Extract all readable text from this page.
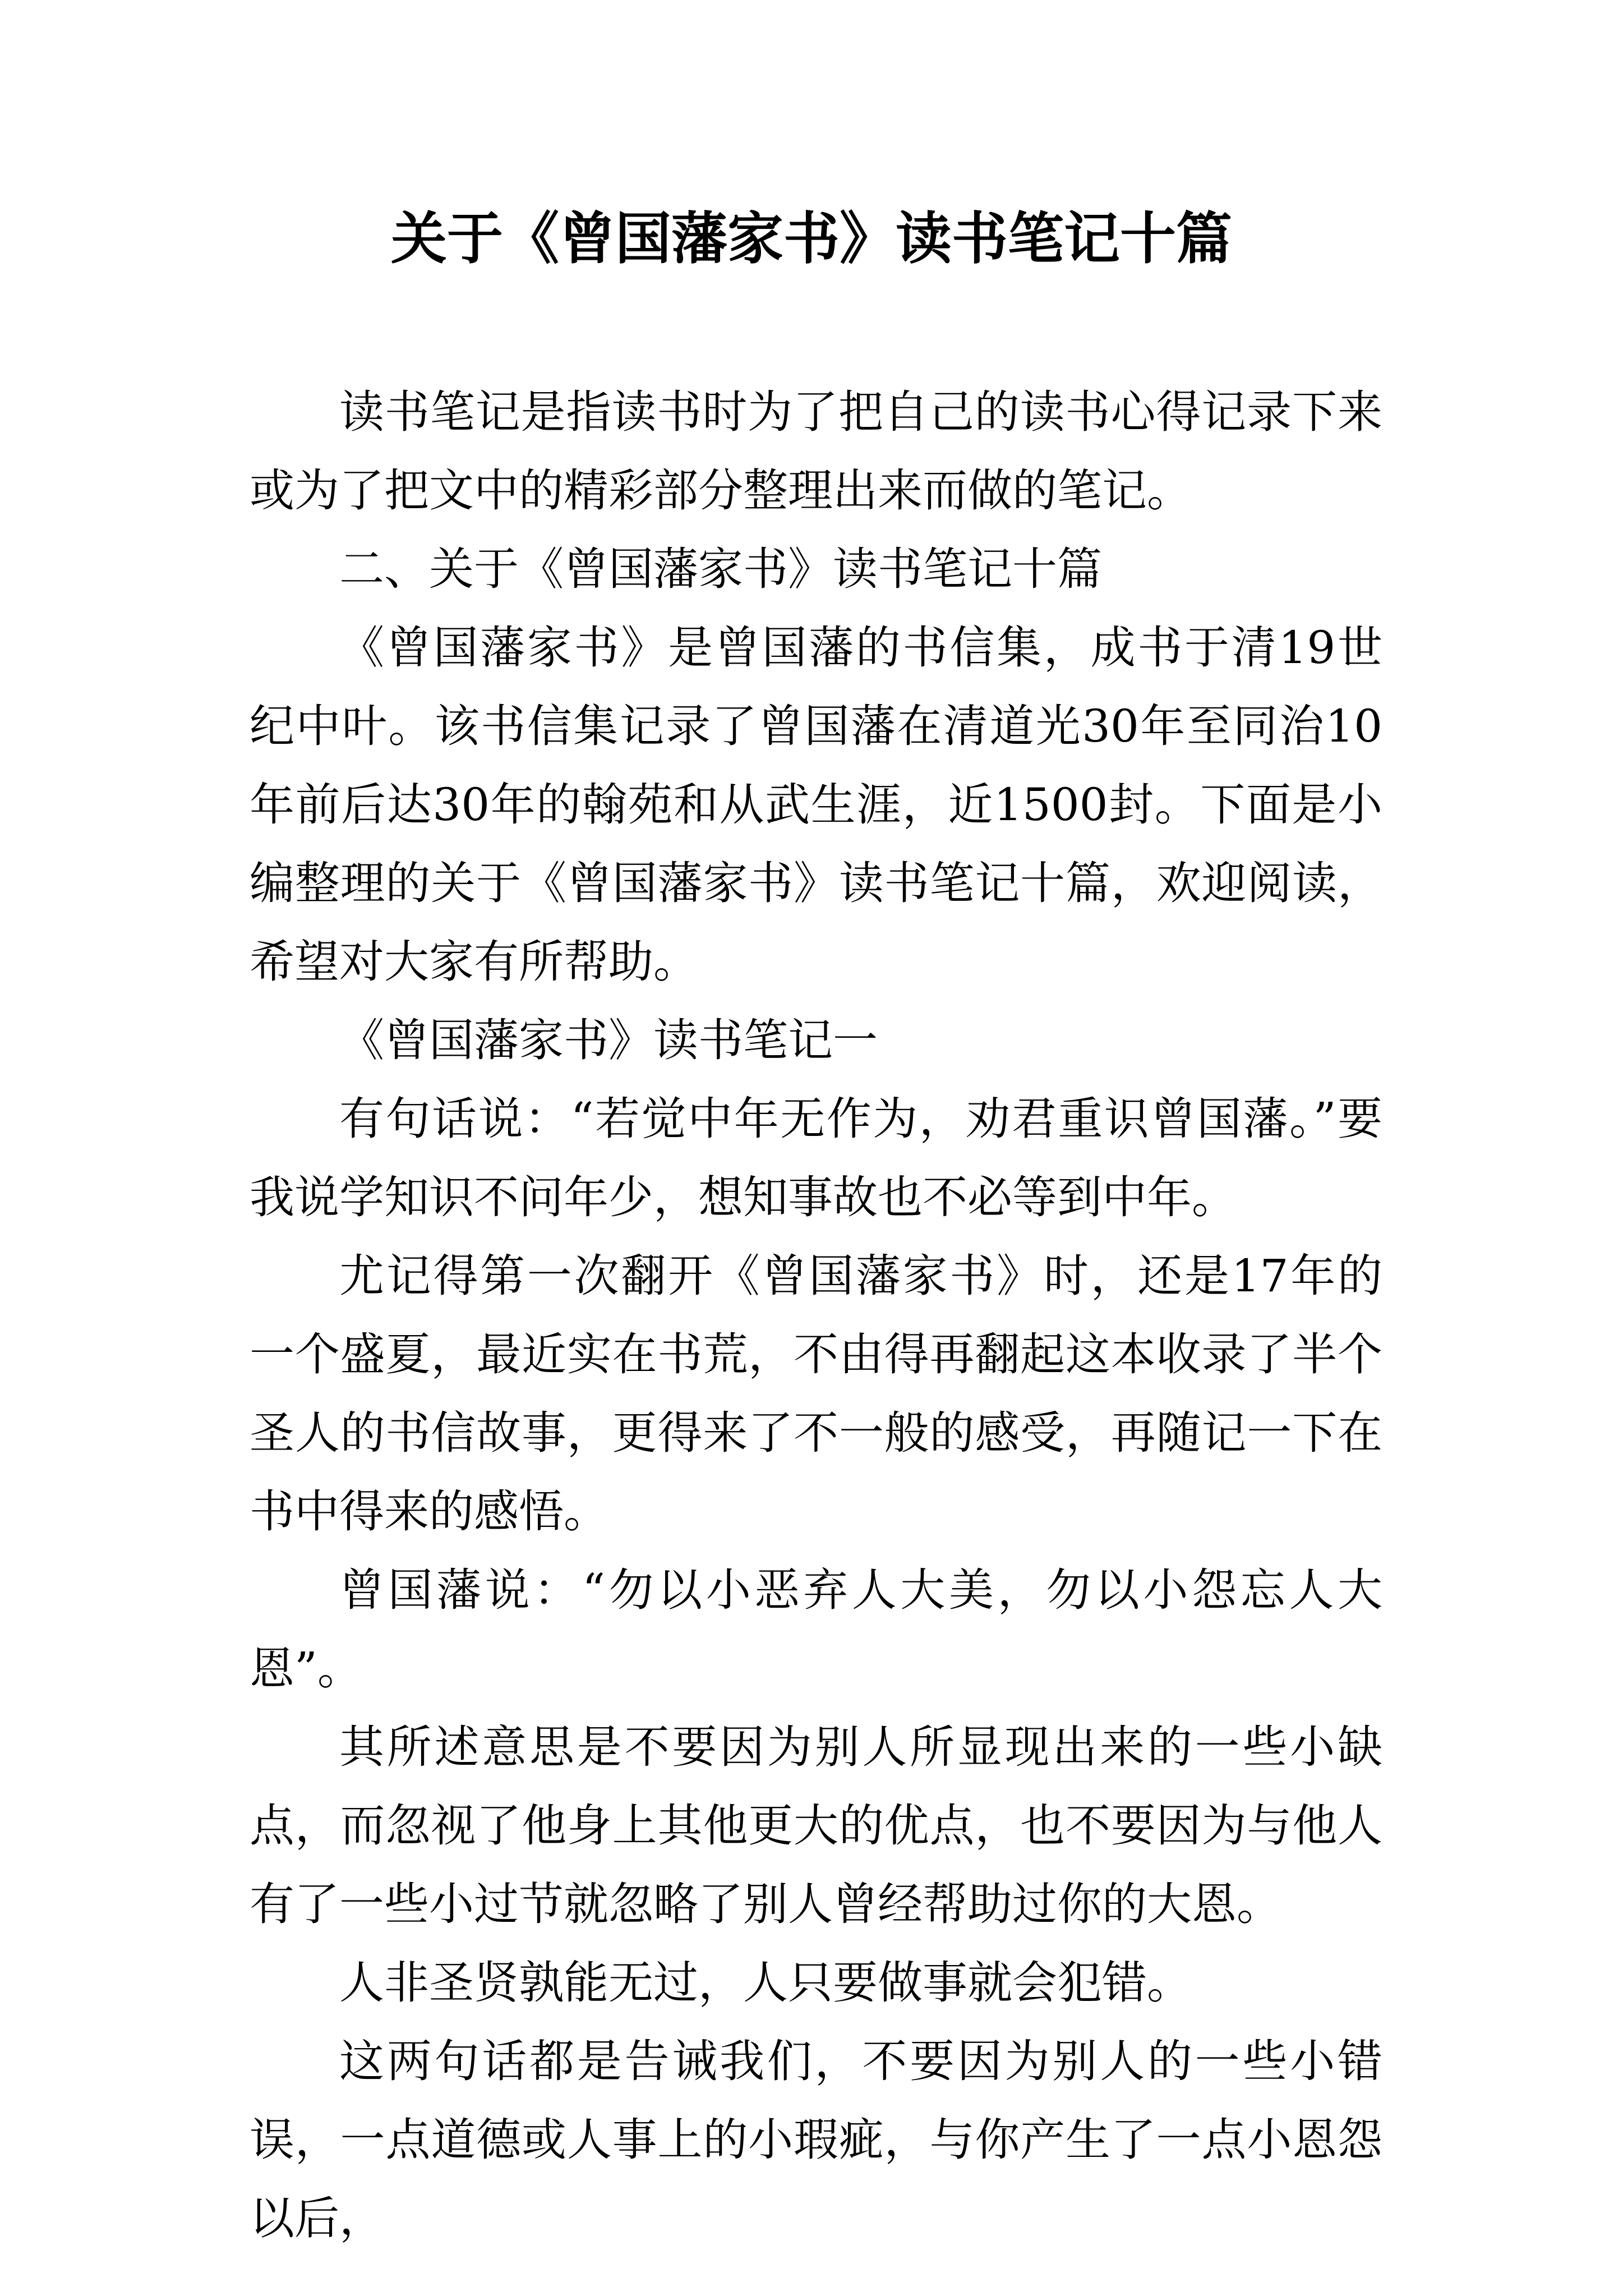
关于《曾国藩家书》读书笔记十篇

读书笔记是指读书时为了把自己的读书心得记录下来或为了把文中的精彩部分整理出来而做的笔记。

二、关于《曾国藩家书》读书笔记十篇

《曾国藩家书》是曾国藩的书信集，成书于清19世纪中叶。该书信集记录了曾国藩在清道光30年至同治10年前后达30年的翰苑和从武生涯，近1500封。下面是小编整理的关于《曾国藩家书》读书笔记十篇，欢迎阅读，希望对大家有所帮助。

《曾国藩家书》读书笔记一

有句话说：“若觉中年无作为，劝君重识曾国藩。”要我说学知识不问年少，想知事故也不必等到中年。

尤记得第一次翻开《曾国藩家书》时，还是17年的一个盛夏，最近实在书荒，不由得再翻起这本收录了半个圣人的书信故事，更得来了不一般的感受，再随记一下在书中得来的感悟。

曾国藩说：“勿以小恶弃人大美，勿以小怨忘人大恩”。

其所述意思是不要因为别人所显现出来的一些小缺点，而忽视了他身上其他更大的优点，也不要因为与他人有了一些小过节就忽略了别人曾经帮助过你的大恩。

人非圣贤孰能无过，人只要做事就会犯错。

这两句话都是告诫我们，不要因为别人的一些小错误，一点道德或人事上的小瑕疵，与你产生了一点小恩怨以后，
